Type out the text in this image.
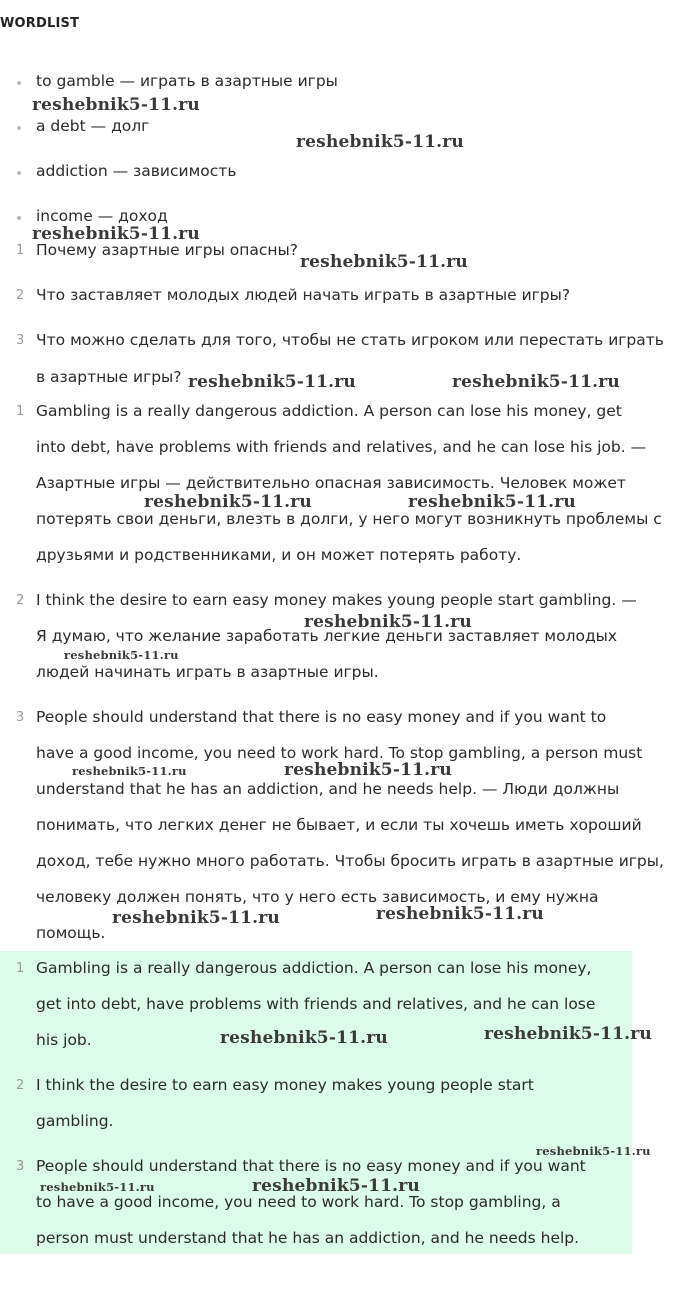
WORDLIST
to gamble — играть в азартные игры
a debt — долг
addiction — зависимость
income — доход
1 Почему азартные игры опасны?
2 Что заставляет молодых людей начать играть в азартные игры?
3 Что можно сделать для того, чтобы не стать игроком или перестать играть
в азартные игры?
1 Gambling is a really dangerous addiction. A person can lose his money, get
into debt, have problems with friends and relatives, and he can lose his job. —
Азартные игры — действительно опасная зависимость. Человек может
потерять свои деньги, влезть в долги, у него могут возникнуть проблемы с
друзьями и родственниками, и он может потерять работу.
2 I think the desire to earn easy money makes young people start gambling. —
Я думаю, что желание заработать легкие деньги заставляет молодых
людей начинать играть в азартные игры.
3 People should understand that there is no easy money and if you want to
have a good income, you need to work hard. To stop gambling, a person must
understand that he has an addiction, and he needs help. — Люди должны
понимать, что легких денег не бывает, и если ты хочешь иметь хороший
доход, тебе нужно много работать. Чтобы бросить играть в азартные игры,
человеку должен понять, что у него есть зависимость, и ему нужна
помощь.
1 Gambling is a really dangerous addiction. A person can lose his money,
get into debt, have problems with friends and relatives, and he can lose
his job.
2 I think the desire to earn easy money makes young people start
gambling.
3 People should understand that there is no easy money and if you want
to have a good income, you need to work hard. To stop gambling, a
person must understand that he has an addiction, and he needs help.
reshebnik5-11.ru
reshebnik5-11.ru
reshebnik5-11.ru
reshebnik5-11.ru
reshebnik5-11.ru	reshebnik5-11.ru
reshebnik5-11.ru	reshebnik5-11.ru
reshebnik5-11.ru
reshebnik5-11.ru
reshebnik5-11.ru	reshebnik5-11.ru
reshebnik5-11.ru	reshebnik5-11.ru
reshebnik5-11.ru	reshebnik5-11.ru
reshebnik5-11.ru
reshebnik5-11.ru	reshebnik5-11.ru
